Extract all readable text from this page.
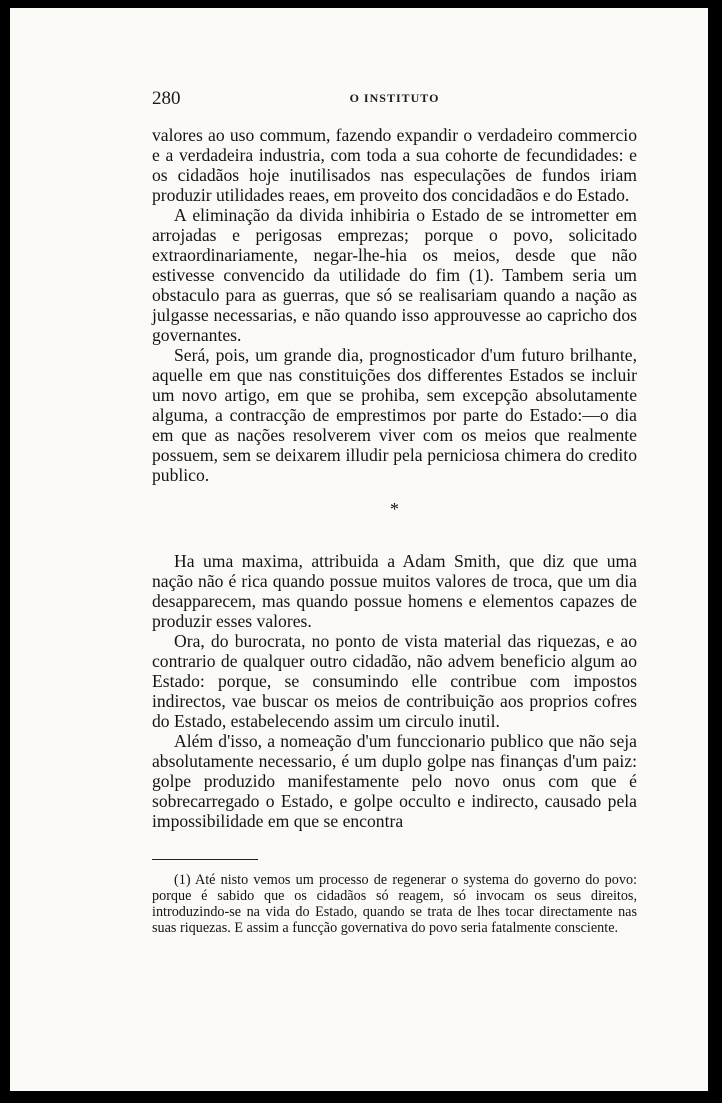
280	O INSTITUTO

valores ao uso commum, fazendo expandir o verdadeiro commercio e a verdadeira industria, com toda a sua cohorte de fecundidades: e os cidadãos hoje inutilisados nas especulações de fundos iriam produzir utilidades reaes, em proveito dos concidadãos e do Estado.

A eliminação da divida inhibiria o Estado de se intrometter em arrojadas e perigosas emprezas; porque o povo, solicitado extraordinariamente, negar-lhe-hia os meios, desde que não estivesse convencido da utilidade do fim (1). Tambem seria um obstaculo para as guerras, que só se realisariam quando a nação as julgasse necessarias, e não quando isso approuvesse ao capricho dos governantes.

Será, pois, um grande dia, prognosticador d'um futuro brilhante, aquelle em que nas constituições dos differentes Estados se incluir um novo artigo, em que se prohiba, sem excepção absolutamente alguma, a contracção de emprestimos por parte do Estado:—o dia em que as nações resolverem viver com os meios que realmente possuem, sem se deixarem illudir pela perniciosa chimera do credito publico.

*

Ha uma maxima, attribuida a Adam Smith, que diz que uma nação não é rica quando possue muitos valores de troca, que um dia desapparecem, mas quando possue homens e elementos capazes de produzir esses valores.

Ora, do burocrata, no ponto de vista material das riquezas, e ao contrario de qualquer outro cidadão, não advem beneficio algum ao Estado: porque, se consumindo elle contribue com impostos indirectos, vae buscar os meios de contribuição aos proprios cofres do Estado, estabelecendo assim um circulo inutil.

Além d'isso, a nomeação d'um funccionario publico que não seja absolutamente necessario, é um duplo golpe nas finanças d'um paiz: golpe produzido manifestamente pelo novo onus com que é sobrecarregado o Estado, e golpe occulto e indirecto, causado pela impossibilidade em que se encontra

(1) Até nisto vemos um processo de regenerar o systema do governo do povo: porque é sabido que os cidadãos só reagem, só invocam os seus direitos, introduzindo-se na vida do Estado, quando se trata de lhes tocar directamente nas suas riquezas. E assim a funcção governativa do povo seria fatalmente consciente.
